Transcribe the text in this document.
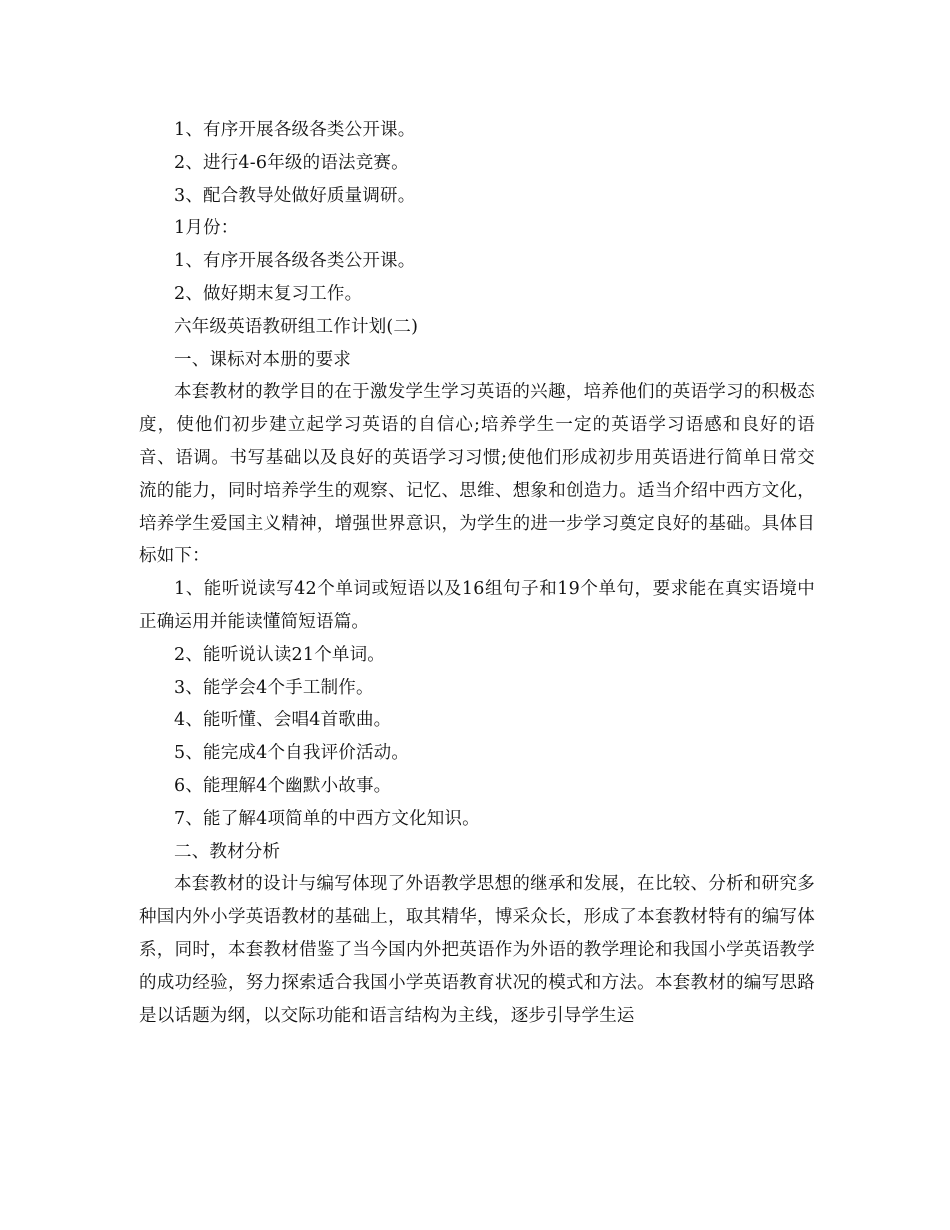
1、有序开展各级各类公开课。

2、进行4-6年级的语法竞赛。

3、配合教导处做好质量调研。

1月份：

1、有序开展各级各类公开课。

2、做好期末复习工作。

六年级英语教研组工作计划(二)

一、课标对本册的要求

本套教材的教学目的在于激发学生学习英语的兴趣，培养他们的英语学习的积极态度，使他们初步建立起学习英语的自信心;培养学生一定的英语学习语感和良好的语音、语调。书写基础以及良好的英语学习习惯;使他们形成初步用英语进行简单日常交流的能力，同时培养学生的观察、记忆、思维、想象和创造力。适当介绍中西方文化，培养学生爱国主义精神，增强世界意识，为学生的进一步学习奠定良好的基础。具体目标如下：

1、能听说读写42个单词或短语以及16组句子和19个单句，要求能在真实语境中正确运用并能读懂简短语篇。

2、能听说认读21个单词。

3、能学会4个手工制作。

4、能听懂、会唱4首歌曲。

5、能完成4个自我评价活动。

6、能理解4个幽默小故事。

7、能了解4项简单的中西方文化知识。

二、教材分析

本套教材的设计与编写体现了外语教学思想的继承和发展，在比较、分析和研究多种国内外小学英语教材的基础上，取其精华，博采众长，形成了本套教材特有的编写体系，同时，本套教材借鉴了当今国内外把英语作为外语的教学理论和我国小学英语教学的成功经验，努力探索适合我国小学英语教育状况的模式和方法。本套教材的编写思路是以话题为纲，以交际功能和语言结构为主线，逐步引导学生运
